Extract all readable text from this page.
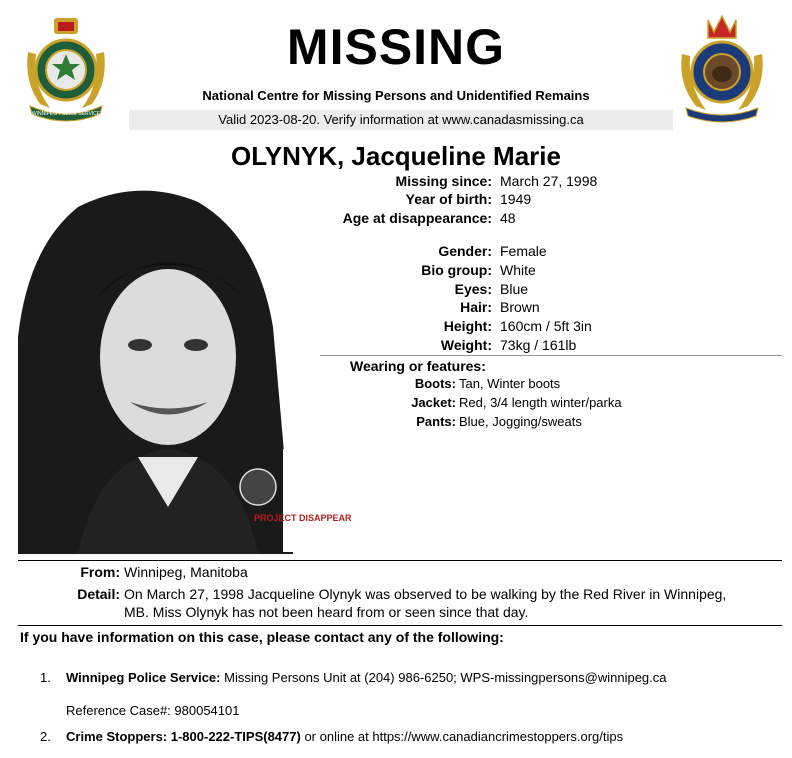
WINNIPEG POLICE SERVICE
MISSING
National Centre for Missing Persons and Unidentified Remains
Valid 2023-08-20. Verify information at www.canadasmissing.ca
OLYNYK, Jacqueline Marie
PROJECT DISAPPEAR
Missing since: March 27, 1998
Year of birth: 1949
Age at disappearance: 48
Gender: Female
Bio group: White
Eyes: Blue
Hair: Brown
Height: 160cm / 5ft 3in
Weight: 73kg / 161lb
Wearing or features:
Boots: Tan, Winter boots
Jacket: Red, 3/4 length winter/parka
Pants: Blue, Jogging/sweats
From: Winnipeg, Manitoba
Detail: On March 27, 1998 Jacqueline Olynyk was observed to be walking by the Red River in Winnipeg,
MB. Miss Olynyk has not been heard from or seen since that day.
If you have information on this case, please contact any of the following:
1. Winnipeg Police Service: Missing Persons Unit at (204) 986-6250; WPS-missingpersons@winnipeg.ca
Reference Case#: 980054101
2. Crime Stoppers: 1-800-222-TIPS(8477) or online at https://www.canadiancrimestoppers.org/tips
